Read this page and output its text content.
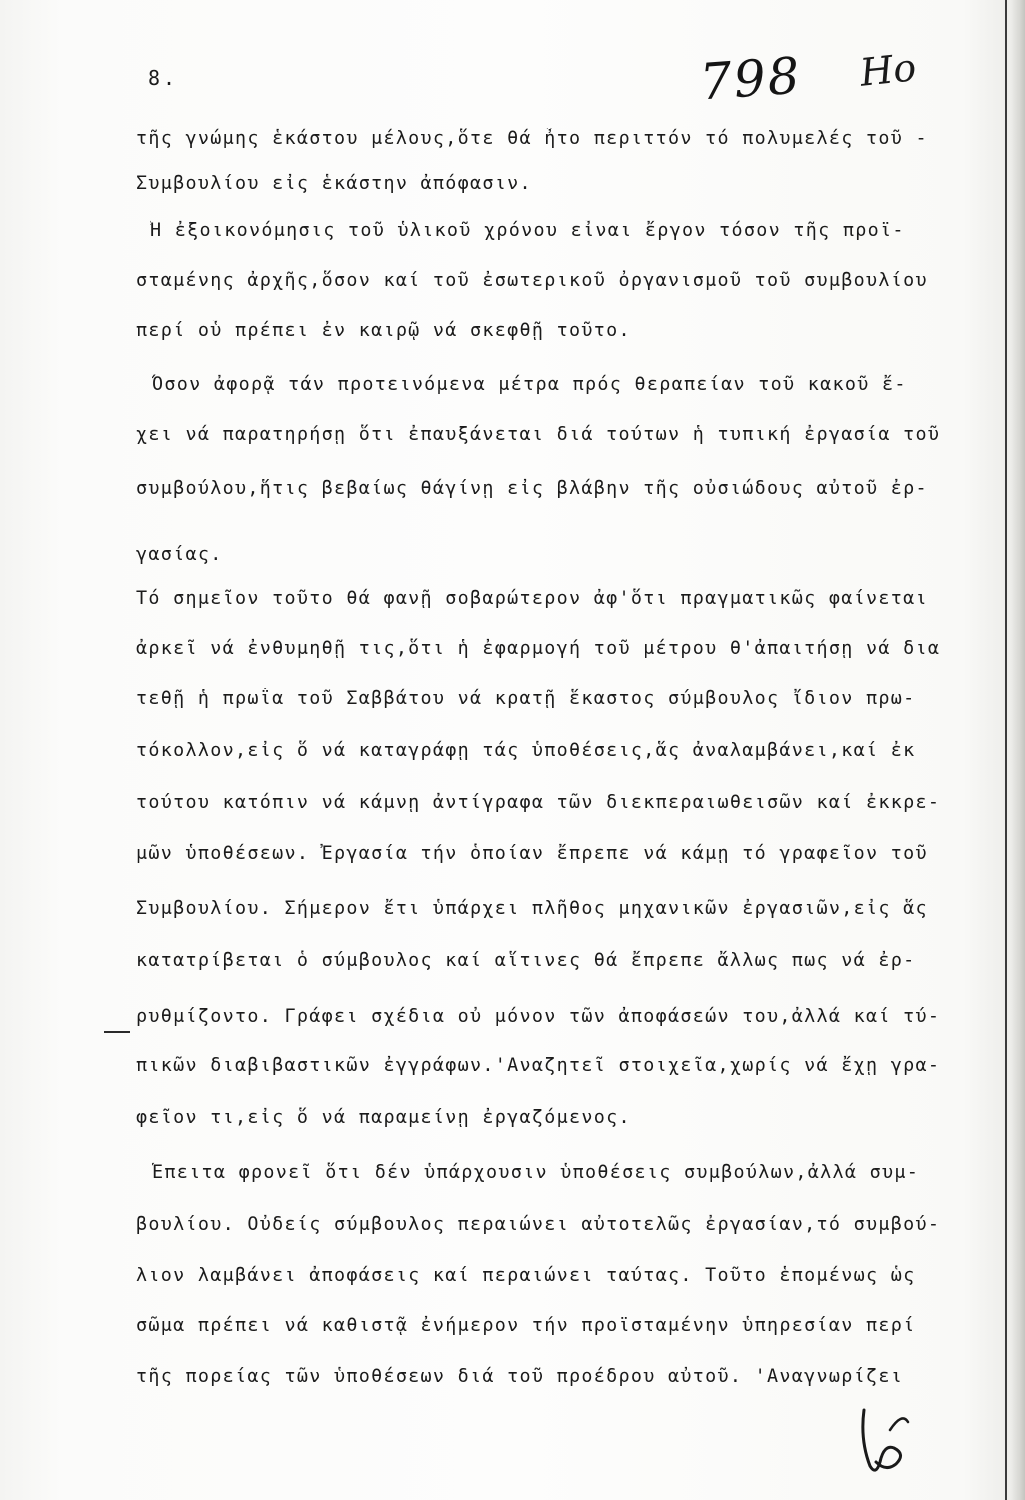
8.	798 Ηο
τῆς γνώμης ἑκάστου μέλους,ὅτε θά ἦτο περιττόν τό πολυμελές τοῦ -
Συμβουλίου εἰς ἑκάστην ἀπόφασιν.
Ἡ ἐξοικονόμησις τοῦ ὑλικοῦ χρόνου εἶναι ἔργον τόσον τῆς προϊ-
σταμένης ἀρχῆς,ὅσον καί τοῦ ἐσωτερικοῦ ὀργανισμοῦ τοῦ συμβουλίου
περί οὗ πρέπει ἐν καιρῷ νά σκεφθῇ τοῦτο.
Ὅσον ἀφορᾷ τάν προτεινόμενα μέτρα πρός θεραπείαν τοῦ κακοῦ ἔ-
χει νά παρατηρήσῃ ὅτι ἐπαυξάνεται διά τούτων ἡ τυπική ἐργασία τοῦ
συμβούλου,ἥτις βεβαίως θάγίνῃ εἰς βλάβην τῆς οὐσιώδους αὐτοῦ ἐρ-
γασίας.
Τό σημεῖον τοῦτο θά φανῇ σοβαρώτερον ἀφ'ὅτι πραγματικῶς φαίνεται
ἀρκεῖ νά ἐνθυμηθῇ τις,ὅτι ἡ ἐφαρμογή τοῦ μέτρου θ'ἀπαιτήσῃ νά δια
τεθῇ ἡ πρωΐα τοῦ Σαββάτου νά κρατῇ ἕκαστος σύμβουλος ἴδιον πρω-
τόκολλον,εἰς ὅ νά καταγράφῃ τάς ὑποθέσεις,ἅς ἀναλαμβάνει,καί ἐκ
τούτου κατόπιν νά κάμνῃ ἀντίγραφα τῶν διεκπεραιωθεισῶν καί ἐκκρε-
μῶν ὑποθέσεων. Ἐργασία τήν ὁποίαν ἔπρεπε νά κάμῃ τό γραφεῖον τοῦ
Συμβουλίου. Σήμερον ἔτι ὑπάρχει πλῆθος μηχανικῶν ἐργασιῶν,εἰς ἅς
κατατρίβεται ὁ σύμβουλος καί αἵτινες θά ἔπρεπε ἄλλως πως νά ἐρ-
ρυθμίζοντο. Γράφει σχέδια οὐ μόνον τῶν ἀποφάσεών του,ἀλλά καί τύ-
πικῶν διαβιβαστικῶν ἐγγράφων.'Αναζητεῖ στοιχεῖα,χωρίς νά ἔχῃ γρα-
φεῖον τι,εἰς ὅ νά παραμείνῃ ἐργαζόμενος.
Ἔπειτα φρονεῖ ὅτι δέν ὑπάρχουσιν ὑποθέσεις συμβούλων,ἀλλά συμ-
βουλίου. Οὐδείς σύμβουλος περαιώνει αὐτοτελῶς ἐργασίαν,τό συμβού-
λιον λαμβάνει ἀποφάσεις καί περαιώνει ταύτας. Τοῦτο ἑπομένως ὡς
σῶμα πρέπει νά καθιστᾷ ἐνήμερον τήν προϊσταμένην ὑπηρεσίαν περί
τῆς πορείας τῶν ὑποθέσεων διά τοῦ προέδρου αὐτοῦ. 'Αναγνωρίζει
